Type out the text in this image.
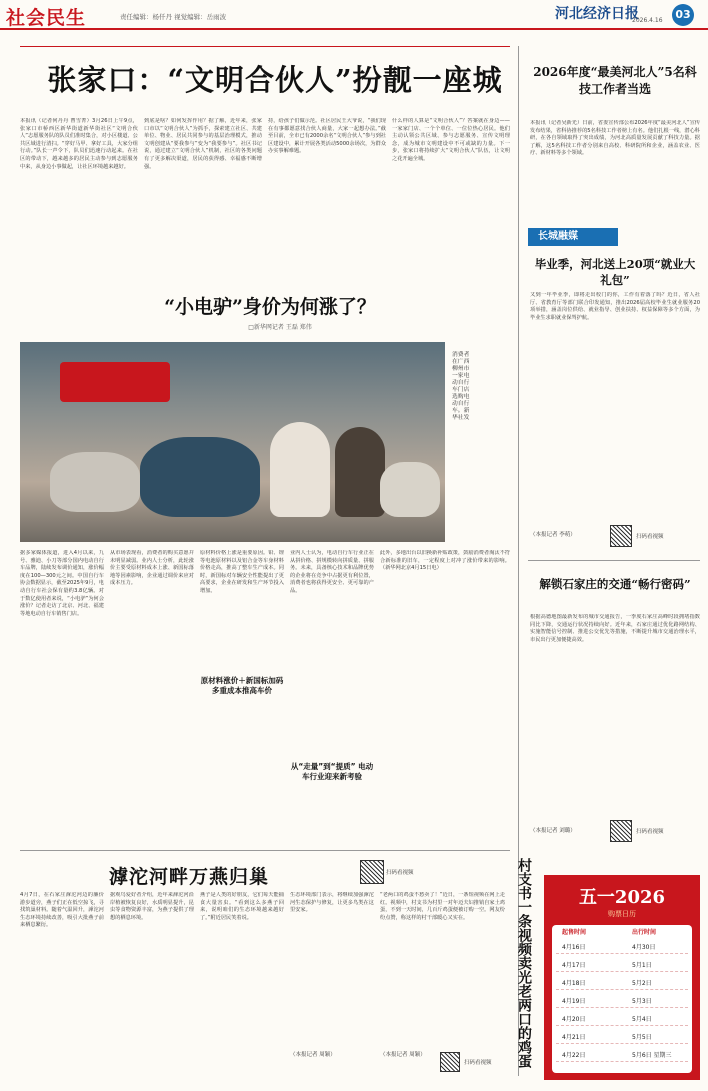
社会民生	责任编辑：杨仟丹 视觉编辑：岳雨波	河北经济日报
2026.4.16	03
张家口：“文明合伙人”扮靓一座城
本报讯（记者何丹丹 曹雪菁）3月26日上午9点，张家口市桥西区新华街道新华街社区“文明合伙人”志愿服务队的队员们准时集合，对小区楼道、公共区域进行清扫。“穿好马甲、拿好工具，大家分组行动。”队长一声令下，队员们迅速行动起来。在社区的带动下，越来越多的居民主动参与到志愿服务中来，从身边小事做起，让社区环境越来越好。
到底是啥？如何发挥作用？据了解，近年来，张家口市以“文明合伙人”为抓手，探索建立社区、共建单位、物业、居民共同参与的基层治理模式，推动文明创建从“要我参与”变为“我要参与”。社区书记说，通过建立“文明合伙人”机制，社区的各类问题有了更多解决渠道，居民的获得感、幸福感不断增强。
持，给孩子们做示范。社区居民王大爷说，“我们现在有事都愿意找合伙人商量，大家一起想办法。”截至目前，全市已有2000余名“文明合伙人”参与到社区建设中，累计开展各类活动5000余场次，为群众办实事解难题。
什么样的人算是“文明合伙人”？答案就在身边——一家家门店、一个个单位、一位位热心居民。他们主动认领公共区域、参与志愿服务、宣传文明理念，成为城市文明建设中不可或缺的力量。下一步，张家口将持续扩大“文明合伙人”队伍，让文明之花开遍全城。
2026年度“最美河北人”5名科技工作者当选
本报讯（记者吴新光）日前，省委宣传部公布2026年度“最美河北人”宣传发布结果，省科协推荐的5名科技工作者榜上有名。他们扎根一线，潜心科研，在各自领域取得了突出成绩，为河北高质量发展贡献了科技力量。据了解，这5名科技工作者分别来自高校、科研院所和企业，涵盖农业、医疗、新材料等多个领域。
“小电驴”身价为何涨了？
□新华网记者 王磊 郑伟
消费者在广西柳州市一家电动自行车门店选购电动自行车。新华社发
据多家媒体报道，进入4月以来，九号、雅迪、小刀等部分国内电动自行车品牌，陆续发布调价通知，涨价幅度在100—300元之间。中国自行车协会数据显示，截至2025年9月，电动自行车社会保有量约3.8亿辆。对于数亿使用者来说，“小电驴”为何会涨价？记者走访了北京、河北、福建等地电动自行车销售门店。
从市场表现看，消费者的购买意愿并未明显减弱。业内人士分析，此轮涨价主要受原材料成本上涨、新国标落地等因素影响，企业通过调价来应对成本压力。
原材料价格上涨是重要原因。铅、锂等电池原材料以及铝合金等车身材料价格走高，推高了整车生产成本。同时，新国标对车辆安全性能提出了更高要求，企业在研发和生产环节投入增加。
原材料涨价＋新国标加码 多重成本推高车价
业内人士认为，电动自行车行业正在从拼价格、拼规模转向拼质量、拼服务。未来，具备核心技术和品牌优势的企业将在竞争中占据更有利位置，消费者也将获得更安全、更可靠的产品。
从“走量”到“提质” 电动车行业迎来新考验
此外，多地出台以旧换新补贴政策，鼓励消费者淘汰不符合新标准的旧车，一定程度上对冲了涨价带来的影响。（新华网北京4月15日电）
长城融媒
毕业季，河北送上20项“就业大礼包”
又到一年毕业季，即将走出校门的你，工作有着落了吗？近日，省人社厅、省教育厅等部门联合印发通知，推出2026届高校毕业生就业服务20项举措，涵盖岗位供给、就业指导、创业扶持、权益保障等多个方面，为毕业生求职就业保驾护航。
（本报记者 李萌）	扫码看视频
解锁石家庄的交通“畅行密码”
根据高德地图最新发布的城市交通报告，一季度石家庄高峰时段拥堵指数同比下降，交通运行状况持续向好。近年来，石家庄通过优化路网结构、实施智能信号控制、推进公交优先等措施，不断提升城市交通治理水平，市民出行更加便捷高效。
（本报记者 刘璐）	扫码看视频
滹沱河畔万燕归巢
4月7日，在石家庄滹沱河边的廉价游步道旁，燕子们正在低空掠飞，寻找筑巢材料。随着气温回升，滹沱河生态环境持续改善，吸引大批燕子前来栖息繁衍。
据观鸟爱好者介绍，近年来滹沱河沿岸植被恢复良好，水质明显提升，昆虫等食物资源丰富，为燕子提供了理想的栖息环境。
燕子是人类的好朋友，它们每天能捕食大量害虫。“看到这么多燕子回来，说明咱们的生态环境越来越好了。”附近居民笑着说。
生态环境部门表示，将继续加强滹沱河生态保护与修复，让更多鸟类在这里安家。
（本报记者 周颖）
扫码看视频
“老两口的鸡蛋不愁卖了！”近日，一条短视频在网上走红。视频中，村支书为村里一对年迈夫妇推销自家土鸡蛋，不到一天时间，几百斤鸡蛋便被订购一空。网友纷纷点赞，称这样的村干部暖心又实在。
（本报记者 周颖）
扫码看视频	村支书一条视频卖光老两口的鸡蛋	五一2026
购票日历
起售时间	出行时间
4月16日	4月30日
4月17日	5月1日
4月18日	5月2日
4月19日	5月3日
4月20日	5月4日
4月21日	5月5日
4月22日	5月6日 星期三
